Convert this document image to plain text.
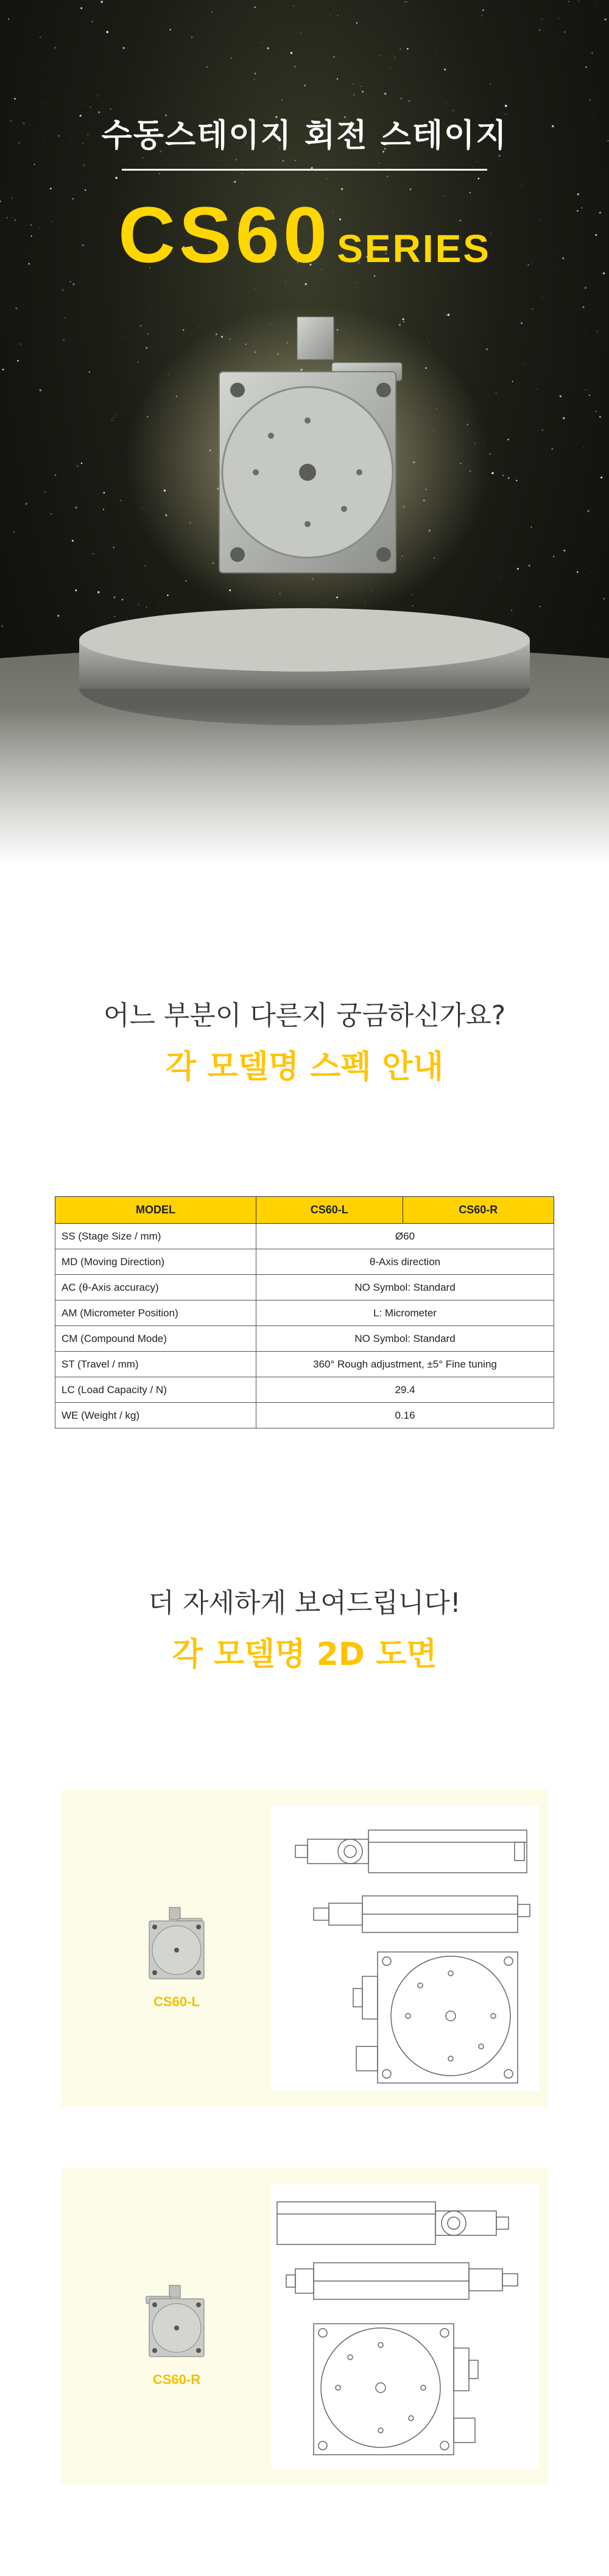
수동스테이지 회전 스테이지
CS60 SERIES
어느 부분이 다른지 궁금하신가요?
각 모델명 스펙 안내
MODEL	CS60-L	CS60-R
SS (Stage Size / mm)	Ø60	
MD (Moving Direction)	θ-Axis direction	
AC (θ-Axis accuracy)	NO Symbol: Standard	
AM (Micrometer Position)	L: Micrometer	
CM (Compound Mode)	NO Symbol: Standard	
ST (Travel / mm)	360° Rough adjustment, ±5° Fine tuning	
LC (Load Capacity / N)	29.4	
WE (Weight / kg)	0.16	
더 자세하게 보여드립니다!
각 모델명 2D 도면
CS60-L
CS60-R
